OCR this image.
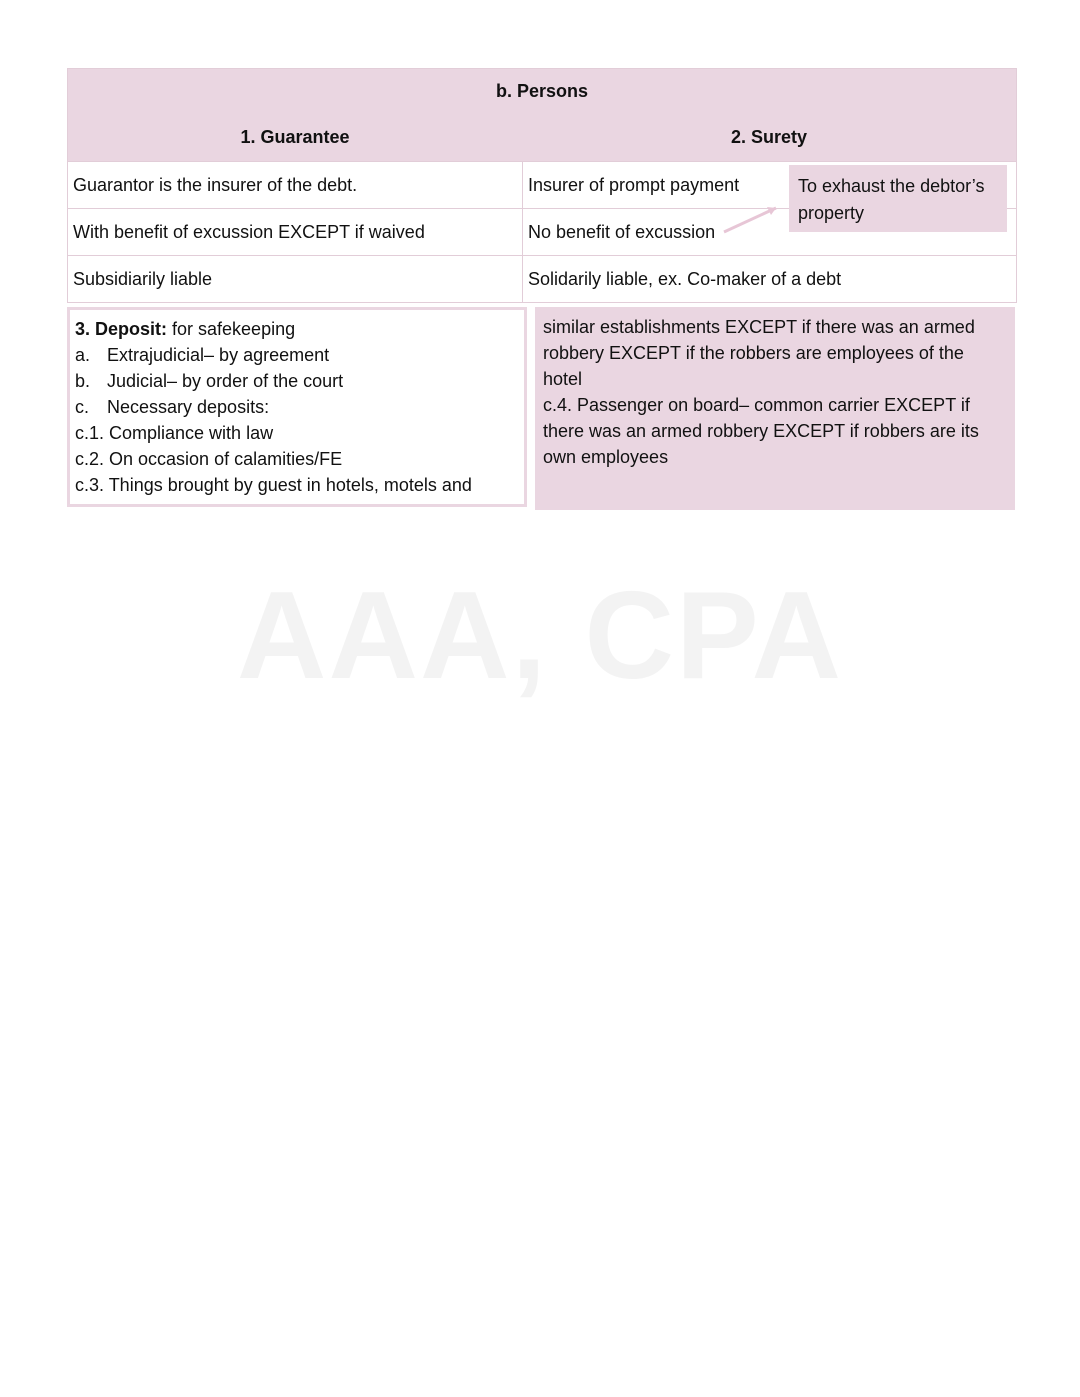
AAA, CPA
b. Persons
1. Guarantee	2. Surety
Guarantor is the insurer of the debt.	Insurer of prompt payment
With benefit of excussion EXCEPT if waived	No benefit of excussion
Subsidiarily liable	Solidarily liable, ex. Co-maker of a debt
To exhaust the debtor’s property
3. Deposit: for safekeeping
a. Extrajudicial– by agreement
b. Judicial– by order of the court
c. Necessary deposits:
c.1. Compliance with law
c.2. On occasion of calamities/FE
c.3. Things brought by guest in hotels, motels and
similar establishments EXCEPT if there was an armed
robbery EXCEPT if the robbers are employees of the
hotel
c.4. Passenger on board– common carrier EXCEPT if
there was an armed robbery EXCEPT if robbers are its
own employees
